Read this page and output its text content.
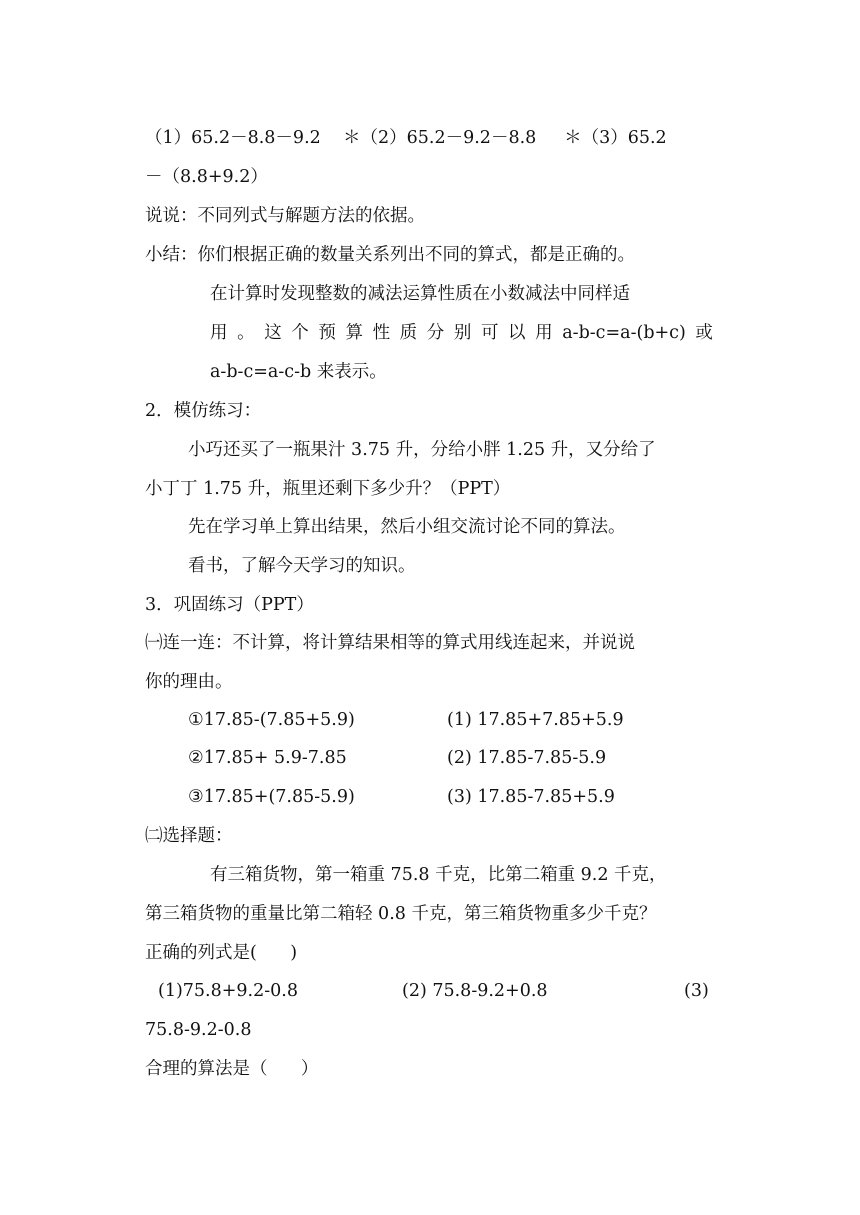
（1）65.2－8.8－9.2    ＊（2）65.2－9.2－8.8     ＊（3）65.2
－（8.8+9.2）
说说：不同列式与解题方法的依据。
小结：你们根据正确的数量关系列出不同的算式，都是正确的。
在计算时发现整数的减法运算性质在小数减法中同样适
用 。 这 个 预 算 性 质 分 别 可 以 用 a-b-c=a-(b+c) 或
a-b-c=a-c-b 来表示。
2．模仿练习：
小巧还买了一瓶果汁 3.75 升，分给小胖 1.25 升，又分给了
小丁丁 1.75 升，瓶里还剩下多少升？（PPT）
先在学习单上算出结果，然后小组交流讨论不同的算法。
看书，了解今天学习的知识。
3．巩固练习（PPT）
㈠连一连：不计算，将计算结果相等的算式用线连起来，并说说
你的理由。
①17.85-(7.85+5.9)	(1) 17.85+7.85+5.9
②17.85+ 5.9-7.85	(2) 17.85-7.85-5.9
③17.85+(7.85-5.9)	(3) 17.85-7.85+5.9
㈡选择题：
有三箱货物，第一箱重 75.8 千克，比第二箱重 9.2 千克，
第三箱货物的重量比第二箱轻 0.8 千克，第三箱货物重多少千克？
正确的列式是(      )
(1)75.8+9.2-0.8	(2) 75.8-9.2+0.8	(3)
75.8-9.2-0.8
合理的算法是（      ）
